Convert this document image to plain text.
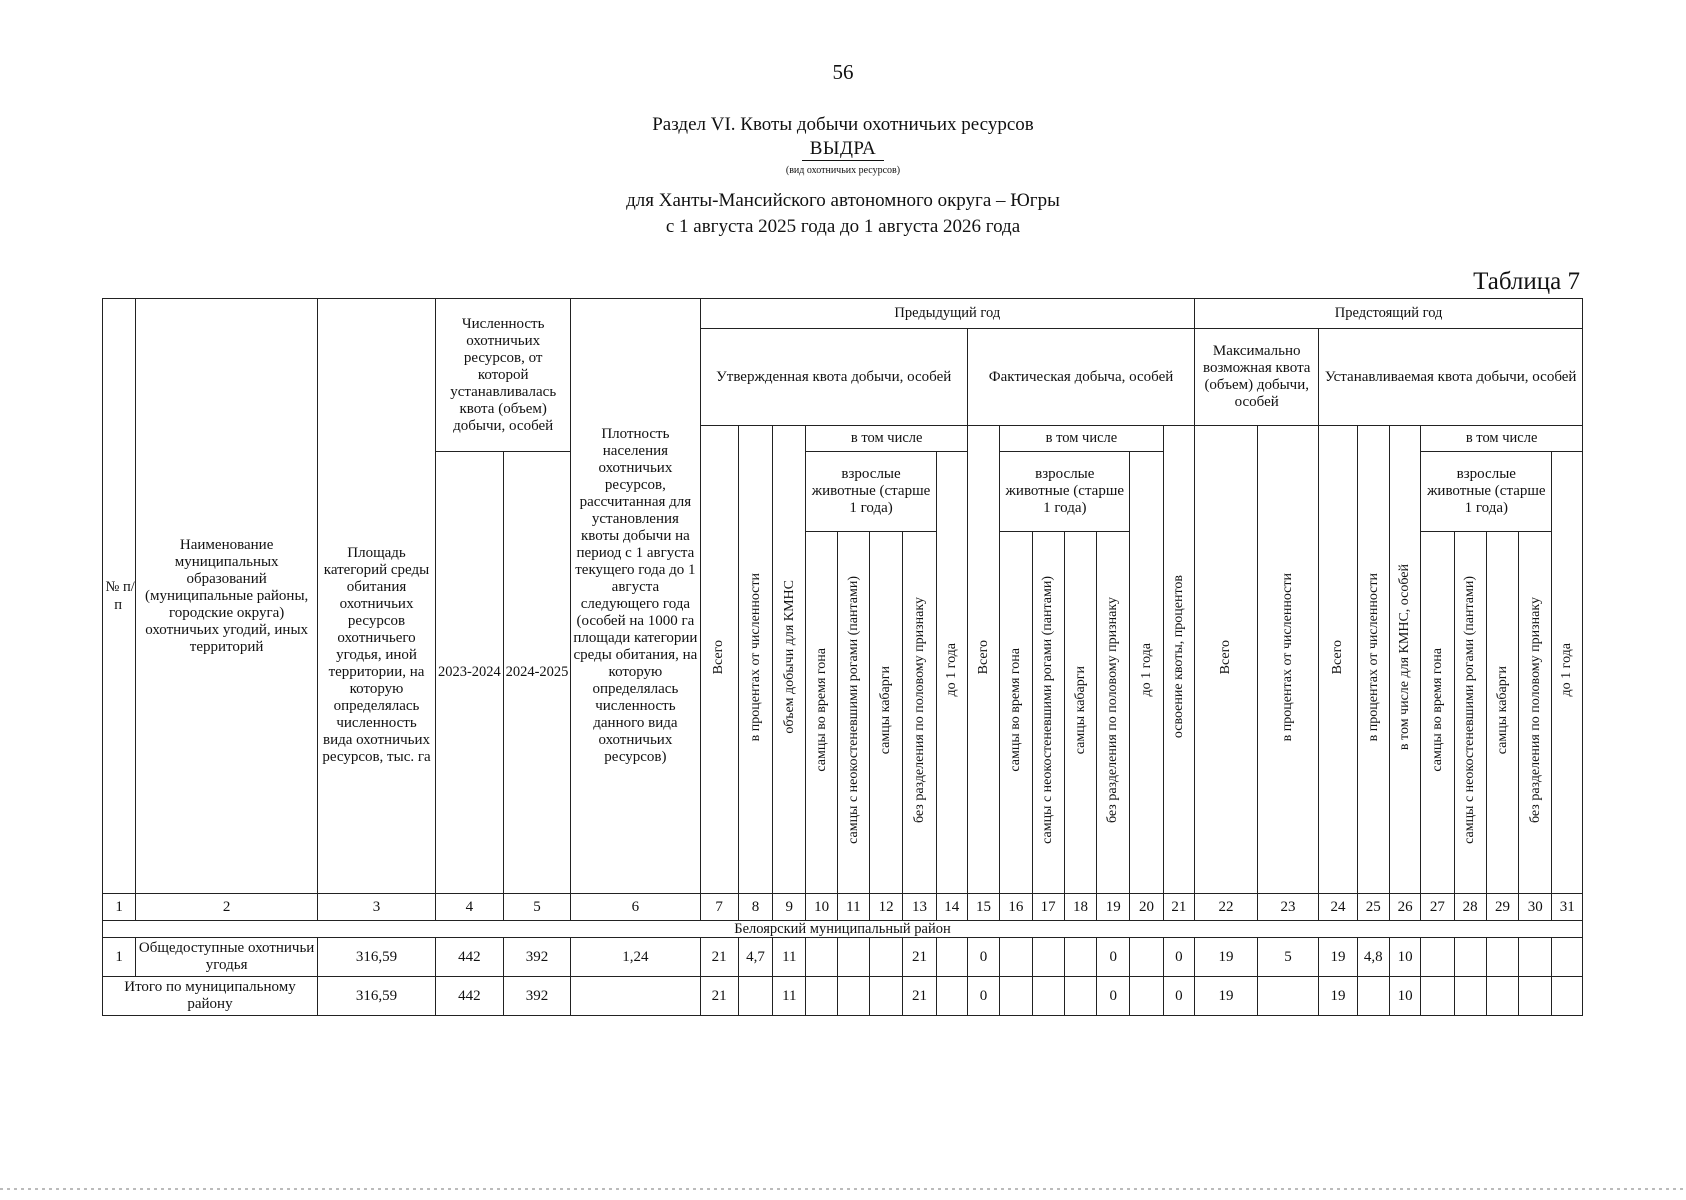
56
Раздел VI. Квоты добычи охотничьих ресурсов
ВЫДРА
(вид охотничьих ресурсов)
для Ханты-Мансийского автономного округа – Югры
с 1 августа 2025 года до 1 августа 2026 года
Таблица 7
№ п/п	Наименование муниципальных образований (муниципальные районы, городские округа) охотничьих угодий, иных территорий	Площадь категорий среды обитания охотничьих ресурсов охотничьего угодья, иной территории, на которую определялась численность вида охотничьих ресурсов, тыс. га	Численность охотничьих ресурсов, от которой устанавливалась квота (объем) добычи, особей		Плотность населения охотничьих ресурсов, рассчитанная для установления квоты добычи на период с 1 августа текущего года до 1 августа следующего года (особей на 1000 га площади категории среды обитания, на которую определялась численность данного вида охотничьих ресурсов)	Предыдущий год															Предстоящий год									

						Утвержденная квота добычи, особей								Фактическая добыча, особей							Максимально возможная квота (объем) добычи, особей		Устанавливаемая квота добычи, особей							

						Всего	в процентах от численности	объем добычи для КМНС	в том числе					Всего	в том числе					освоение квоты, процентов	Всего	в процентах от численности	Всего	в процентах от численности	в том числе для КМНС, особей	в том числе				
			2023-2024	2024-2025					взрослые животные (старше 1 года)				до 1 года		взрослые животные (старше 1 года)				до 1 года							взрослые животные (старше 1 года)				до 1 года
									самцы во время гона	самцы с неокостеневшими рогами (пантами)	самцы кабарги	без разделения по половому признаку			самцы во время гона	самцы с неокостеневшими рогами (пантами)	самцы кабарги	без разделения по половому признаку								самцы во время гона	самцы с неокостеневшими рогами (пантами)	самцы кабарги	без разделения по половому признаку	
1	2	3	4	5	6	7	8	9	10	11	12	13	14	15	16	17	18	19	20	21	22	23	24	25	26	27	28	29	30	31
Белоярский муниципальный район																														
1	Общедоступные охотничьи угодья	316,59	442	392	1,24	21	4,7	11				21		0				0		0	19	5	19	4,8	10					
Итого по муниципальному району		316,59	442	392		21		11				21		0				0		0	19		19		10					
